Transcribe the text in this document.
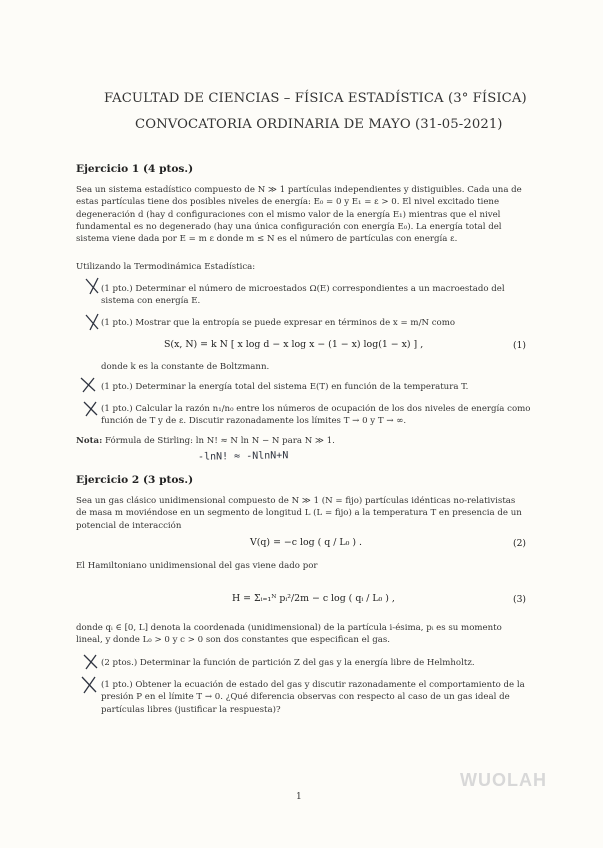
FACULTAD DE CIENCIAS – FÍSICA ESTADÍSTICA (3° FÍSICA)
CONVOCATORIA ORDINARIA DE MAYO (31-05-2021)
Ejercicio 1 (4 ptos.)
Sea un sistema estadístico compuesto de N ≫ 1 partículas independientes y distiguibles. Cada una de estas partículas tiene dos posibles niveles de energía: E₀ = 0 y E₁ = ε > 0. El nivel excitado tiene degeneración d (hay d configuraciones con el mismo valor de la energía E₁) mientras que el nivel fundamental es no degenerado (hay una única configuración con energía E₀). La energía total del sistema viene dada por E = m ε donde m ≤ N es el número de partículas con energía ε.
Utilizando la Termodinámica Estadística:
(1 pto.) Determinar el número de microestados Ω(E) correspondientes a un macroestado del sistema con energía E.
(1 pto.) Mostrar que la entropía se puede expresar en términos de x = m/N como
S(x, N) = k N [ x log d − x log x − (1 − x) log(1 − x) ] ,	(1)
donde k es la constante de Boltzmann.
(1 pto.) Determinar la energía total del sistema E(T) en función de la temperatura T.
(1 pto.) Calcular la razón n₁/n₀ entre los números de ocupación de los dos niveles de energía como función de T y de ε. Discutir razonadamente los límites T → 0 y T → ∞.
Nota: Fórmula de Stirling: ln N! ≈ N ln N − N para N ≫ 1.
-lnN! ≈ -NlnN+N
Ejercicio 2 (3 ptos.)
Sea un gas clásico unidimensional compuesto de N ≫ 1 (N = fijo) partículas idénticas no-relativistas de masa m moviéndose en un segmento de longitud L (L = fijo) a la temperatura T en presencia de un potencial de interacción
V(q) = −c log ( q / L₀ ) .	(2)
El Hamiltoniano unidimensional del gas viene dado por
H = Σᵢ₌₁ᴺ pᵢ²/2m − c log ( qᵢ / L₀ ) ,	(3)
donde qᵢ ∈ [0, L] denota la coordenada (unidimensional) de la partícula i-ésima, pᵢ es su momento lineal, y donde L₀ > 0 y c > 0 son dos constantes que especifican el gas.
(2 ptos.) Determinar la función de partición Z del gas y la energía libre de Helmholtz.
(1 pto.) Obtener la ecuación de estado del gas y discutir razonadamente el comportamiento de la presión P en el límite T → 0. ¿Qué diferencia observas con respecto al caso de un gas ideal de partículas libres (justificar la respuesta)?
WUOLAH
1
